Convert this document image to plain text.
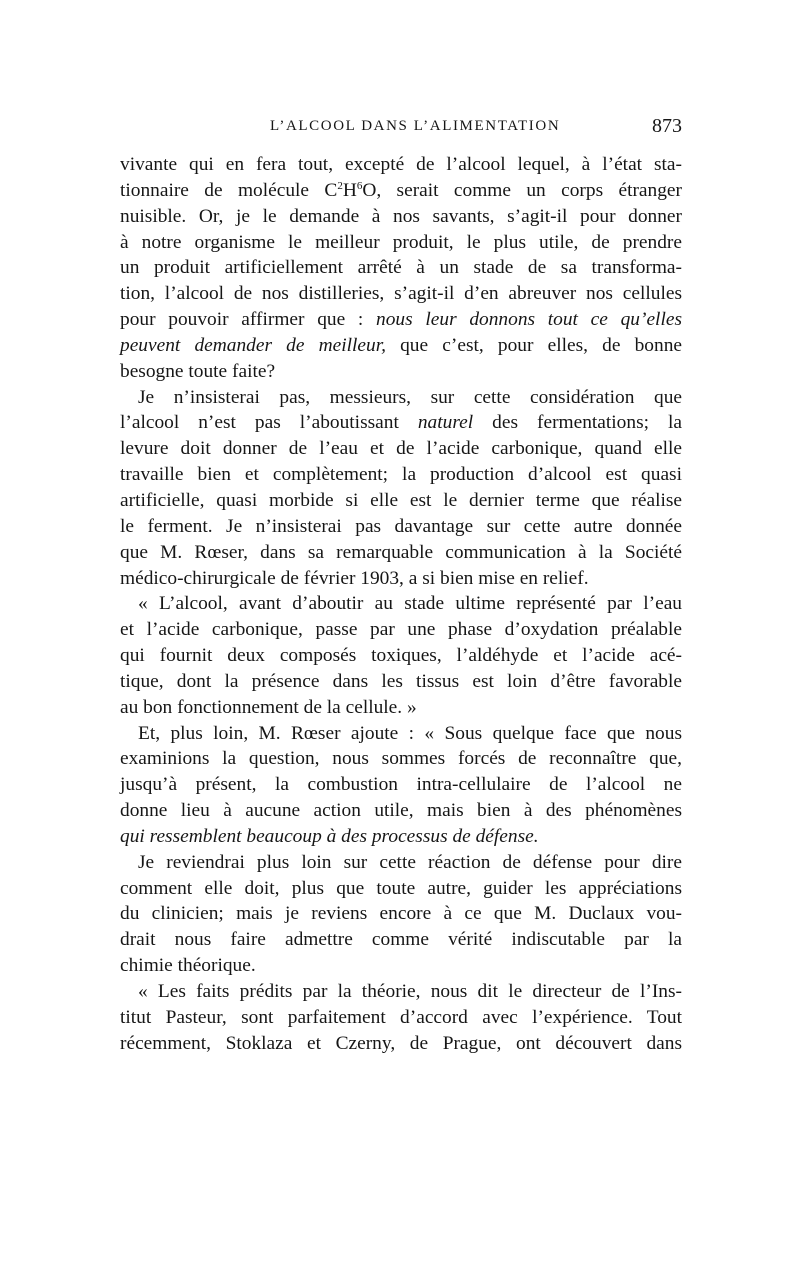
L’ALCOOL DANS L’ALIMENTATION	873
vivante qui en fera tout, excepté de l’alcool lequel, à l’état sta-
tionnaire de molécule $C^2H^6O$, serait comme un corps étranger
nuisible. Or, je le demande à nos savants, s’agit-il pour donner
à notre organisme le meilleur produit, le plus utile, de prendre
un produit artificiellement arrêté à un stade de sa transforma-
tion, l’alcool de nos distilleries, s’agit-il d’en abreuver nos cellules
pour pouvoir affirmer que : nous leur donnons tout ce qu’elles
peuvent demander de meilleur, que c’est, pour elles, de bonne
besogne toute faite?
Je n’insisterai pas, messieurs, sur cette considération que
l’alcool n’est pas l’aboutissant naturel des fermentations; la
levure doit donner de l’eau et de l’acide carbonique, quand elle
travaille bien et complètement; la production d’alcool est quasi
artificielle, quasi morbide si elle est le dernier terme que réalise
le ferment. Je n’insisterai pas davantage sur cette autre donnée
que M. Rœser, dans sa remarquable communication à la Société
médico-chirurgicale de février 1903, a si bien mise en relief.
« L’alcool, avant d’aboutir au stade ultime représenté par l’eau
et l’acide carbonique, passe par une phase d’oxydation préalable
qui fournit deux composés toxiques, l’aldéhyde et l’acide acé-
tique, dont la présence dans les tissus est loin d’être favorable
au bon fonctionnement de la cellule. »
Et, plus loin, M. Rœser ajoute : « Sous quelque face que nous
examinions la question, nous sommes forcés de reconnaître que,
jusqu’à présent, la combustion intra-cellulaire de l’alcool ne
donne lieu à aucune action utile, mais bien à des phénomènes
qui ressemblent beaucoup à des processus de défense.
Je reviendrai plus loin sur cette réaction de défense pour dire
comment elle doit, plus que toute autre, guider les appréciations
du clinicien; mais je reviens encore à ce que M. Duclaux vou-
drait nous faire admettre comme vérité indiscutable par la
chimie théorique.
« Les faits prédits par la théorie, nous dit le directeur de l’Ins-
titut Pasteur, sont parfaitement d’accord avec l’expérience. Tout
récemment, Stoklaza et Czerny, de Prague, ont découvert dans
